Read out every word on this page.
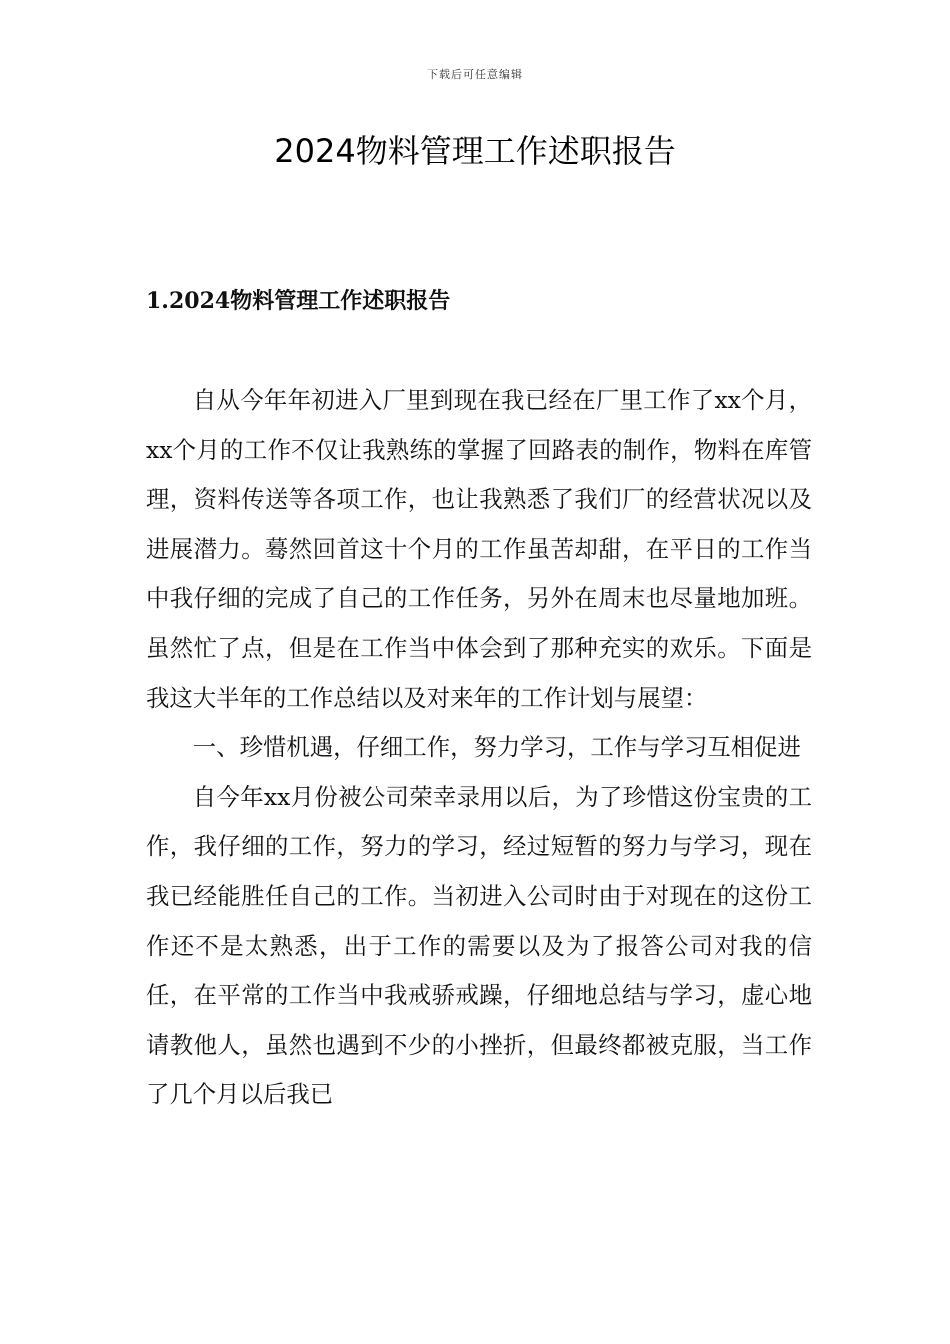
下载后可任意编辑
2024物料管理工作述职报告
1.2024物料管理工作述职报告

自从今年年初进入厂里到现在我已经在厂里工作了xx个月，xx个月的工作不仅让我熟练的掌握了回路表的制作，物料在库管理，资料传送等各项工作，也让我熟悉了我们厂的经营状况以及进展潜力。蓦然回首这十个月的工作虽苦却甜，在平日的工作当中我仔细的完成了自己的工作任务，另外在周末也尽量地加班。虽然忙了点，但是在工作当中体会到了那种充实的欢乐。下面是我这大半年的工作总结以及对来年的工作计划与展望：

一、珍惜机遇，仔细工作，努力学习，工作与学习互相促进

自今年xx月份被公司荣幸录用以后，为了珍惜这份宝贵的工作，我仔细的工作，努力的学习，经过短暂的努力与学习，现在我已经能胜任自己的工作。当初进入公司时由于对现在的这份工作还不是太熟悉，出于工作的需要以及为了报答公司对我的信任，在平常的工作当中我戒骄戒躁，仔细地总结与学习，虚心地请教他人，虽然也遇到不少的小挫折，但最终都被克服，当工作了几个月以后我已
